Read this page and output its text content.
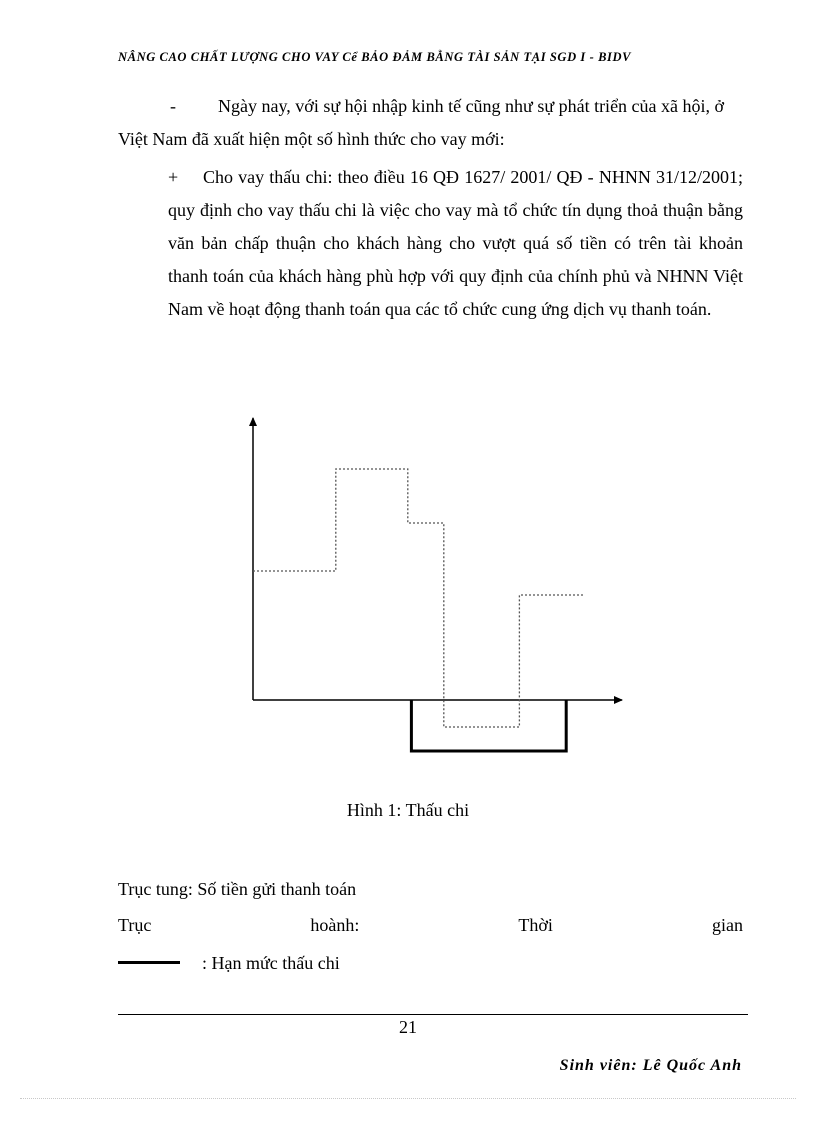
NÂNG CAO CHẤT LƯỢNG CHO VAY Cể BẢO ĐẢM BẰNG TÀI SẢN TẠI SGD I - BIDV
- Ngày nay, với sự hội nhập kinh tế cũng như sự phát triển của xã hội, ở Việt Nam đã xuất hiện một số hình thức cho vay mới:
+ Cho vay thấu chi: theo điều 16 QĐ 1627/ 2001/ QĐ - NHNN 31/12/2001; quy định cho vay thấu chi là việc cho vay mà tổ chức tín dụng thoả thuận bằng văn bản chấp thuận cho khách hàng cho vượt quá số tiền có trên tài khoản thanh toán của khách hàng phù hợp với quy định của chính phủ và NHNN Việt Nam về hoạt động thanh toán qua các tổ chức cung ứng dịch vụ thanh toán.
Hình 1: Thấu chi
Trục tung: Số tiền gửi thanh toán
Trục	hoành:	Thời	gian
: Hạn mức thấu chi
21
Sinh viên: Lê Quốc Anh
